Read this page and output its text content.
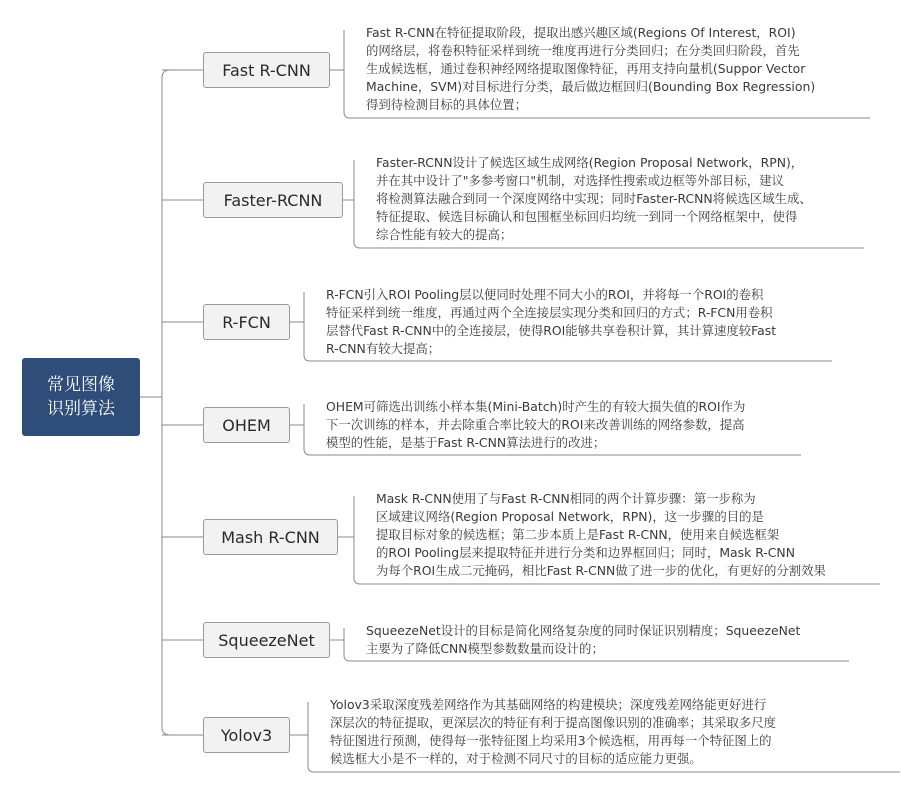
常见图像
识别算法
Fast R-CNN
Fast R-CNN在特征提取阶段，提取出感兴趣区域(Regions Of Interest，ROI)
的网络层，将卷积特征采样到统一维度再进行分类回归；在分类回归阶段，首先
生成候选框，通过卷积神经网络提取图像特征，再用支持向量机(Suppor Vector
Machine，SVM)对目标进行分类，最后做边框回归(Bounding Box Regression)
得到待检测目标的具体位置；
Faster-RCNN
Faster-RCNN设计了候选区域生成网络(Region Proposal Network，RPN)，
并在其中设计了"多参考窗口"机制，对选择性搜索或边框等外部目标，建议
将检测算法融合到同一个深度网络中实现；同时Faster-RCNN将候选区域生成、
特征提取、候选目标确认和包围框坐标回归均统一到同一个网络框架中，使得
综合性能有较大的提高；
R-FCN
R-FCN引入ROI Pooling层以便同时处理不同大小的ROI，并将每一个ROI的卷积
特征采样到统一维度，再通过两个全连接层实现分类和回归的方式；R-FCN用卷积
层替代Fast R-CNN中的全连接层，使得ROI能够共享卷积计算，其计算速度较Fast
R-CNN有较大提高；
OHEM
OHEM可筛选出训练小样本集(Mini-Batch)时产生的有较大损失值的ROI作为
下一次训练的样本，并去除重合率比较大的ROI来改善训练的网络参数，提高
模型的性能，是基于Fast R-CNN算法进行的改进；
Mash R-CNN
Mask R-CNN使用了与Fast R-CNN相同的两个计算步骤：第一步称为
区域建议网络(Region Proposal Network，RPN)，这一步骤的目的是
提取目标对象的候选框；第二步本质上是Fast R-CNN，使用来自候选框架
的ROI Pooling层来提取特征并进行分类和边界框回归；同时，Mask R-CNN
为每个ROI生成二元掩码，相比Fast R-CNN做了进一步的优化，有更好的分割效果
SqueezeNet	SqueezeNet设计的目标是简化网络复杂度的同时保证识别精度；SqueezeNet
主要为了降低CNN模型参数数量而设计的；
Yolov3
Yolov3采取深度残差网络作为其基础网络的构建模块；深度残差网络能更好进行
深层次的特征提取，更深层次的特征有利于提高图像识别的准确率；其采取多尺度
特征图进行预测，使得每一张特征图上均采用3个候选框，用再每一个特征图上的
候选框大小是不一样的，对于检测不同尺寸的目标的适应能力更强。
